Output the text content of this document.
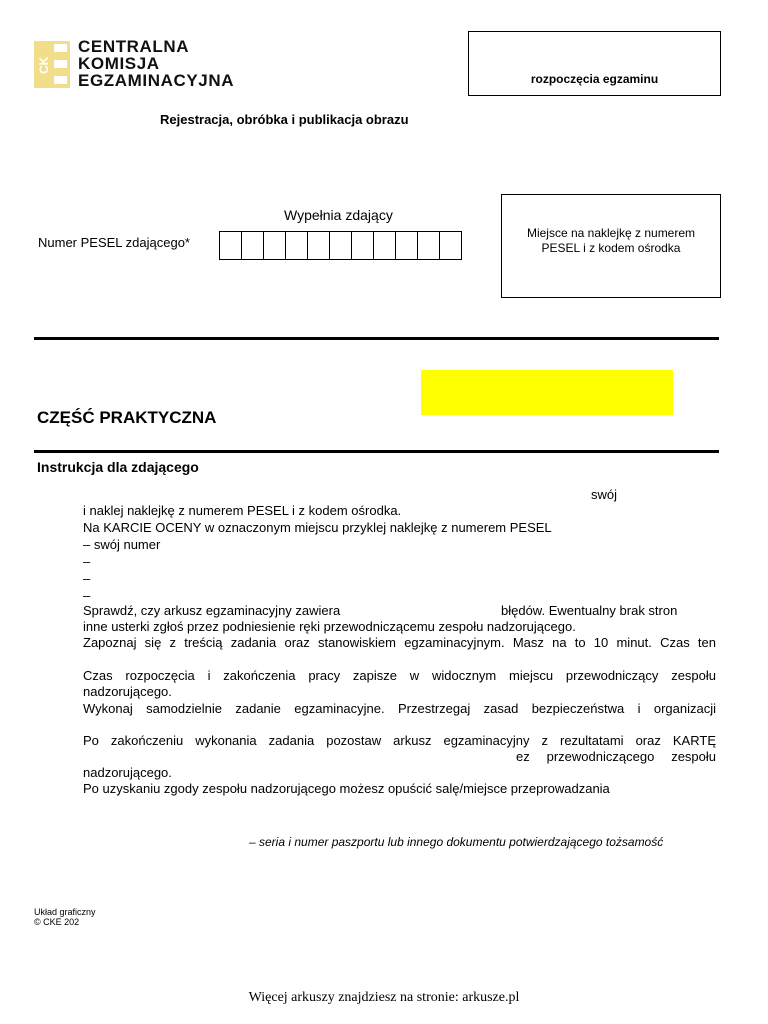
CK
CENTRALNA
KOMISJA
EGZAMINACYJNA	rozpoczęcia egzaminu
Rejestracja, obróbka i publikacja obrazu
Wypełnia zdający
Numer PESEL zdającego*
Miejsce na naklejkę z numerem PESEL i z kodem ośrodka
CZĘŚĆ PRAKTYCZNA
Instrukcja dla zdającego
swój
i naklej naklejkę z numerem PESEL i z kodem ośrodka.
Na KARCIE OCENY w oznaczonym miejscu przyklej naklejkę z numerem PESEL
– swój numer
–
–
–
Sprawdź, czy arkusz egzaminacyjny zawiera	błędów. Ewentualny brak stron
inne usterki zgłoś przez podniesienie ręki przewodniczącemu zespołu nadzorującego.
Zapoznaj się z treścią zadania oraz stanowiskiem egzaminacyjnym. Masz na to 10 minut. Czas ten
Czas rozpoczęcia i zakończenia pracy zapisze w widocznym miejscu przewodniczący zespołu
nadzorującego.
Wykonaj samodzielnie zadanie egzaminacyjne. Przestrzegaj zasad bezpieczeństwa i organizacji
Po zakończeniu wykonania zadania pozostaw arkusz egzaminacyjny z rezultatami oraz KARTĘ
ez przewodniczącego zespołu
nadzorującego.
Po uzyskaniu zgody zespołu nadzorującego możesz opuścić salę/miejsce przeprowadzania
– seria i numer paszportu lub innego dokumentu potwierdzającego tożsamość
Układ graficzny
© CKE 202
Więcej arkuszy znajdziesz na stronie: arkusze.pl
